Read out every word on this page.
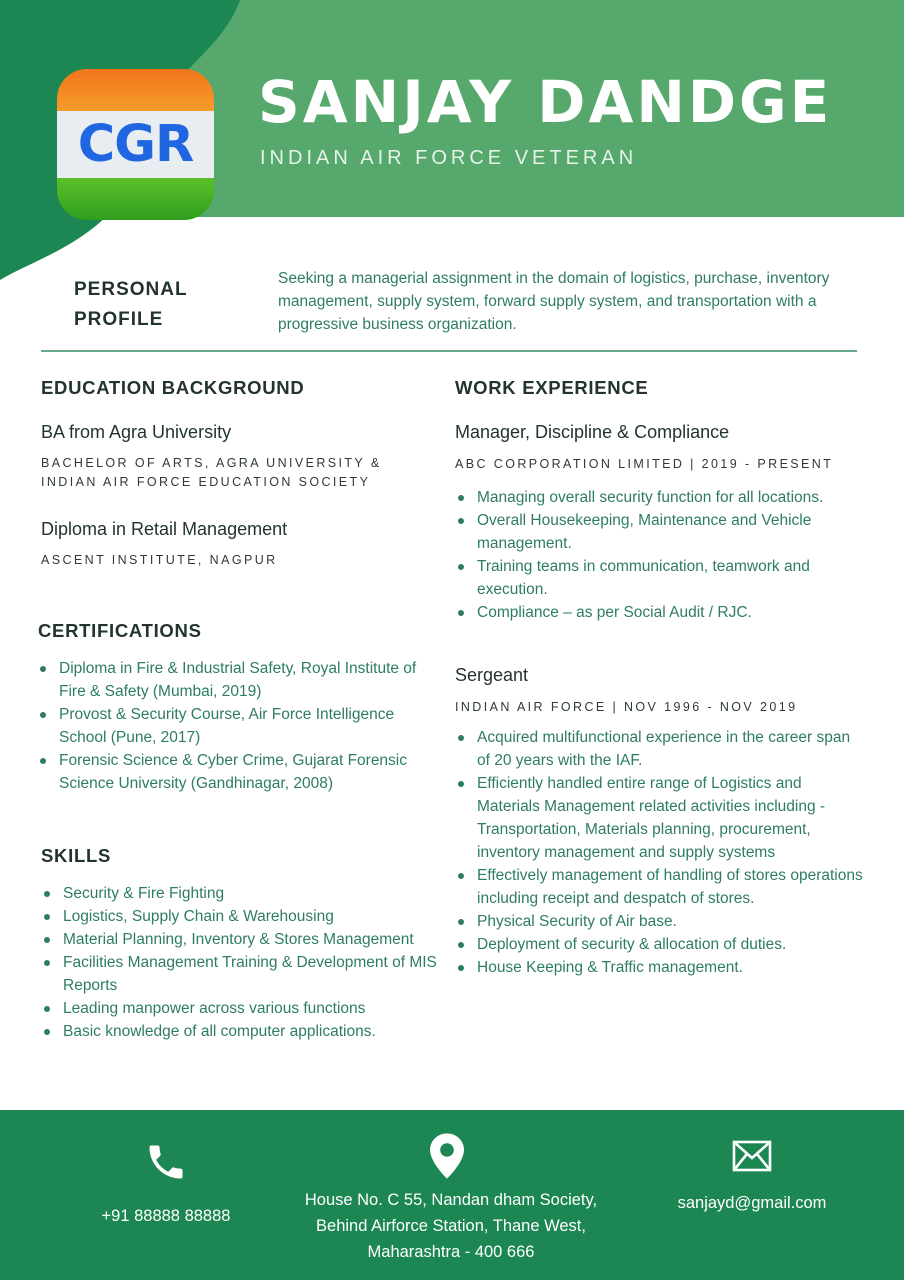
CGR
SANJAY DANDGE
INDIAN AIR FORCE VETERAN
PERSONAL
PROFILE
Seeking a managerial assignment in the domain of logistics, purchase, inventory management, supply system, forward supply system, and transportation with a progressive business organization.
EDUCATION BACKGROUND
BA from Agra University
BACHELOR OF ARTS, AGRA UNIVERSITY & INDIAN AIR FORCE EDUCATION SOCIETY
Diploma in Retail Management
ASCENT INSTITUTE, NAGPUR
CERTIFICATIONS
Diploma in Fire & Industrial Safety, Royal Institute of Fire & Safety (Mumbai, 2019)
Provost & Security Course, Air Force Intelligence School (Pune, 2017)
Forensic Science & Cyber Crime, Gujarat Forensic Science University (Gandhinagar, 2008)
SKILLS
Security & Fire Fighting
Logistics, Supply Chain & Warehousing
Material Planning, Inventory & Stores Management
Facilities Management Training & Development of MIS Reports
Leading manpower across various functions
Basic knowledge of all computer applications.
WORK EXPERIENCE
Manager, Discipline & Compliance
ABC CORPORATION LIMITED | 2019 - PRESENT
Managing overall security function for all locations.
Overall Housekeeping, Maintenance and Vehicle management.
Training teams in communication, teamwork and execution.
Compliance – as per Social Audit / RJC.
Sergeant
INDIAN AIR FORCE | NOV 1996 - NOV 2019
Acquired multifunctional experience in the career span of 20 years with the IAF.
Efficiently handled entire range of Logistics and Materials Management related activities including - Transportation, Materials planning, procurement, inventory management and supply systems
Effectively management of handling of stores operations including receipt and despatch of stores.
Physical Security of Air base.
Deployment of security & allocation of duties.
House Keeping & Traffic management.
+91 88888 88888
House No. C 55, Nandan dham Society,
Behind Airforce Station, Thane West,
Maharashtra - 400 666
sanjayd@gmail.com
